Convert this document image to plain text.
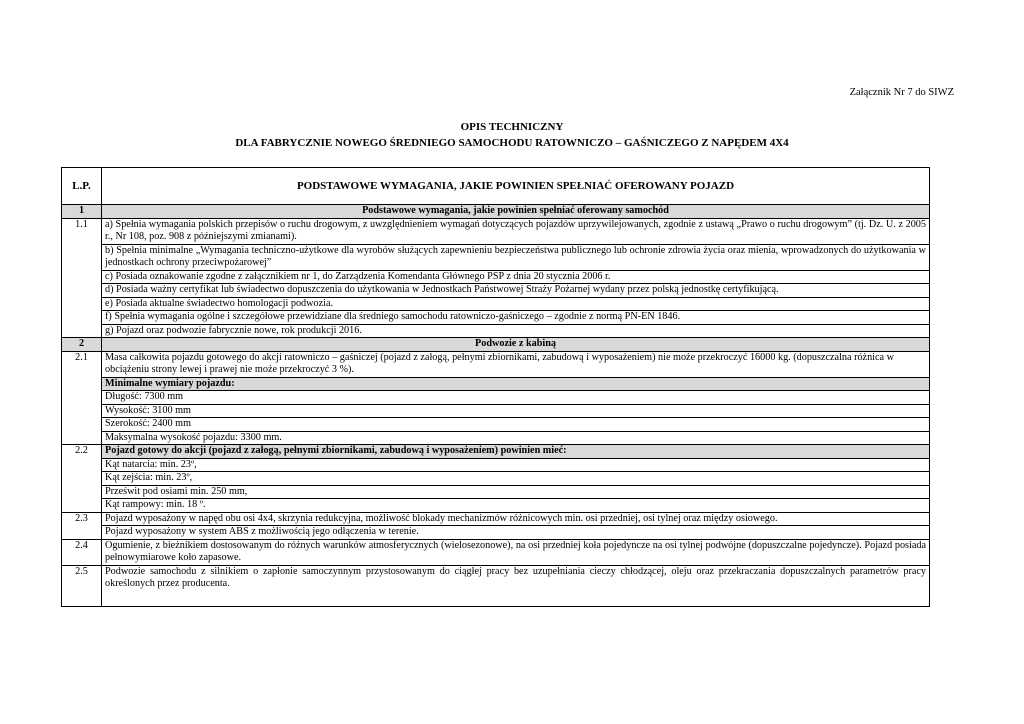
Załącznik Nr 7 do SIWZ
OPIS TECHNICZNY
DLA FABRYCZNIE NOWEGO ŚREDNIEGO SAMOCHODU RATOWNICZO – GAŚNICZEGO Z NAPĘDEM 4X4
L.P.	PODSTAWOWE WYMAGANIA, JAKIE POWINIEN SPEŁNIAĆ OFEROWANY POJAZD
1	Podstawowe wymagania, jakie powinien spełniać oferowany samochód
1.1	a) Spełnia wymagania polskich przepisów o ruchu drogowym, z uwzględnieniem wymagań dotyczących pojazdów uprzywilejowanych, zgodnie z ustawą „Prawo o ruchu drogowym” (tj. Dz. U. z 2005 r., Nr 108, poz. 908 z późniejszymi zmianami).
	b) Spełnia minimalne „Wymagania techniczno-użytkowe dla wyrobów służących zapewnieniu bezpieczeństwa publicznego lub ochronie zdrowia życia oraz mienia, wprowadzonych do użytkowania w jednostkach ochrony przeciwpożarowej”
	c) Posiada oznakowanie zgodne z załącznikiem nr 1, do Zarządzenia Komendanta Głównego PSP z dnia 20 stycznia 2006 r.
	d) Posiada ważny certyfikat lub świadectwo dopuszczenia do użytkowania w Jednostkach Państwowej Straży Pożarnej wydany przez polską jednostkę certyfikującą.
	e) Posiada aktualne świadectwo homologacji podwozia.
	f) Spełnia wymagania ogólne i szczegółowe przewidziane dla średniego samochodu ratowniczo-gaśniczego – zgodnie z normą PN-EN 1846.
	g) Pojazd oraz podwozie fabrycznie nowe, rok produkcji 2016.
2	Podwozie z kabiną
2.1	Masa całkowita pojazdu gotowego do akcji ratowniczo – gaśniczej (pojazd z załogą, pełnymi zbiornikami, zabudową i wyposażeniem) nie może przekroczyć 16000 kg. (dopuszczalna różnica w obciążeniu strony lewej i prawej nie może przekroczyć 3 %).
	Minimalne wymiary pojazdu:
	Długość: 7300 mm
	Wysokość: 3100 mm
	Szerokość: 2400 mm
	Maksymalna wysokość pojazdu: 3300 mm.
2.2	Pojazd gotowy do akcji (pojazd z załogą, pełnymi zbiornikami, zabudową i wyposażeniem) powinien mieć:
	Kąt natarcia: min. 23º,
	Kąt zejścia: min. 23º,
	Prześwit pod osiami min. 250 mm,
	Kąt rampowy: min. 18 º.
2.3	Pojazd wyposażony w napęd obu osi 4x4, skrzynia redukcyjna, możliwość blokady mechanizmów różnicowych min. osi przedniej, osi tylnej oraz między osiowego.
	Pojazd wyposażony w system ABS z możliwością jego odłączenia w terenie.
2.4	Ogumienie, z bieżnikiem dostosowanym do różnych warunków atmosferycznych (wielosezonowe), na osi przedniej koła pojedyncze na osi tylnej podwójne (dopuszczalne pojedyncze). Pojazd posiada pełnowymiarowe koło zapasowe.
2.5	Podwozie samochodu z silnikiem o zapłonie samoczynnym przystosowanym do ciągłej pracy bez uzupełniania cieczy chłodzącej, oleju oraz przekraczania dopuszczalnych parametrów pracy określonych przez producenta.
